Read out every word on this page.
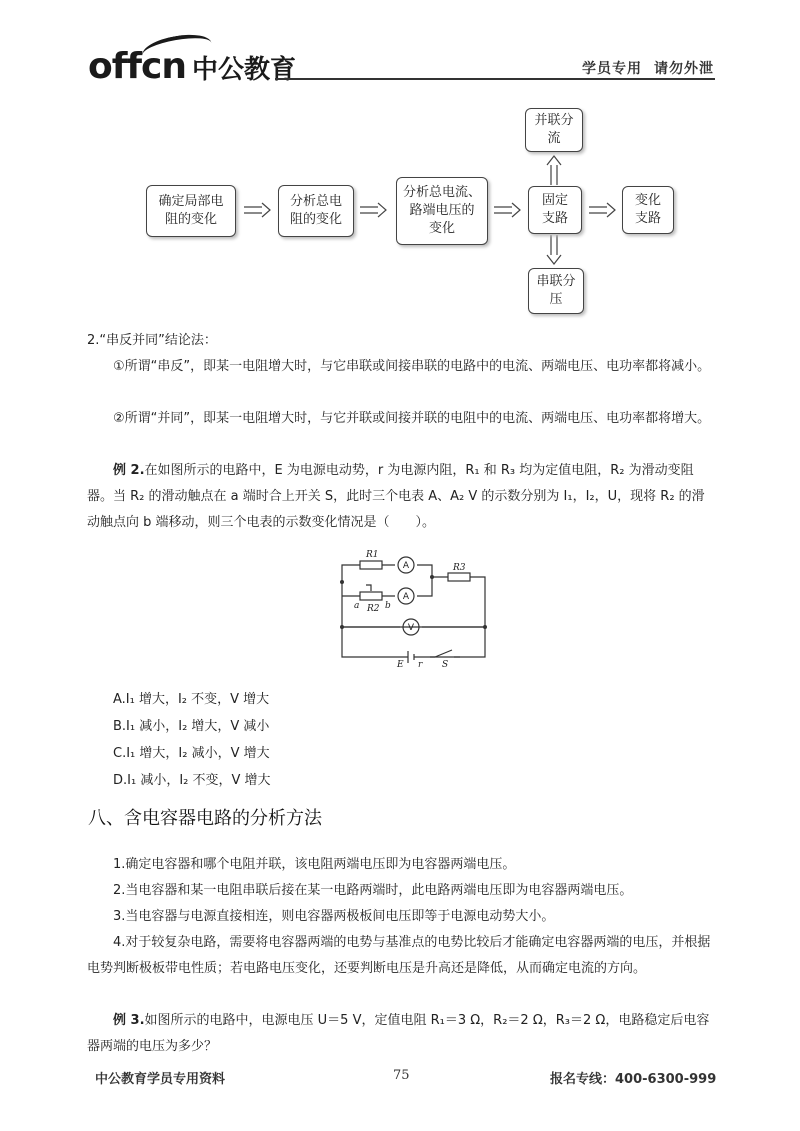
offcn 中公教育	学员专用 请勿外泄
确定局部电
阻的变化
分析总电
阻的变化
分析总电流、
路端电压的
变化
固定
支路
变化
支路
并联分
流
串联分
压
2.“串反并同”结论法：
①所谓“串反”，即某一电阻增大时，与它串联或间接串联的电路中的电流、两端电压、电功率都将减小。
②所谓“并同”，即某一电阻增大时，与它并联或间接并联的电阻中的电流、两端电压、电功率都将增大。
例 2.在如图所示的电路中，E 为电源电动势，r 为电源内阻，R₁ 和 R₃ 均为定值电阻，R₂ 为滑动变阻器。当 R₂ 的滑动触点在 a 端时合上开关 S，此时三个电表 A、A₂ V 的示数分别为 I₁，I₂，U，现将 R₂ 的滑动触点向 b 端移动，则三个电表的示数变化情况是（　　）。
R1
R2
R3
a	b
E r S
A
A
V
A.I₁ 增大，I₂ 不变，V 增大
B.I₁ 减小，I₂ 增大，V 减小
C.I₁ 增大，I₂ 减小，V 增大
D.I₁ 减小，I₂ 不变，V 增大
八、含电容器电路的分析方法
1.确定电容器和哪个电阻并联，该电阻两端电压即为电容器两端电压。
2.当电容器和某一电阻串联后接在某一电路两端时，此电路两端电压即为电容器两端电压。
3.当电容器与电源直接相连，则电容器两极板间电压即等于电源电动势大小。
4.对于较复杂电路，需要将电容器两端的电势与基准点的电势比较后才能确定电容器两端的电压，并根据电势判断极板带电性质；若电路电压变化，还要判断电压是升高还是降低，从而确定电流的方向。
例 3.如图所示的电路中，电源电压 U＝5 V，定值电阻 R₁＝3 Ω，R₂＝2 Ω，R₃＝2 Ω，电路稳定后电容器两端的电压为多少？
中公教育学员专用资料	75	报名专线：400-6300-999
